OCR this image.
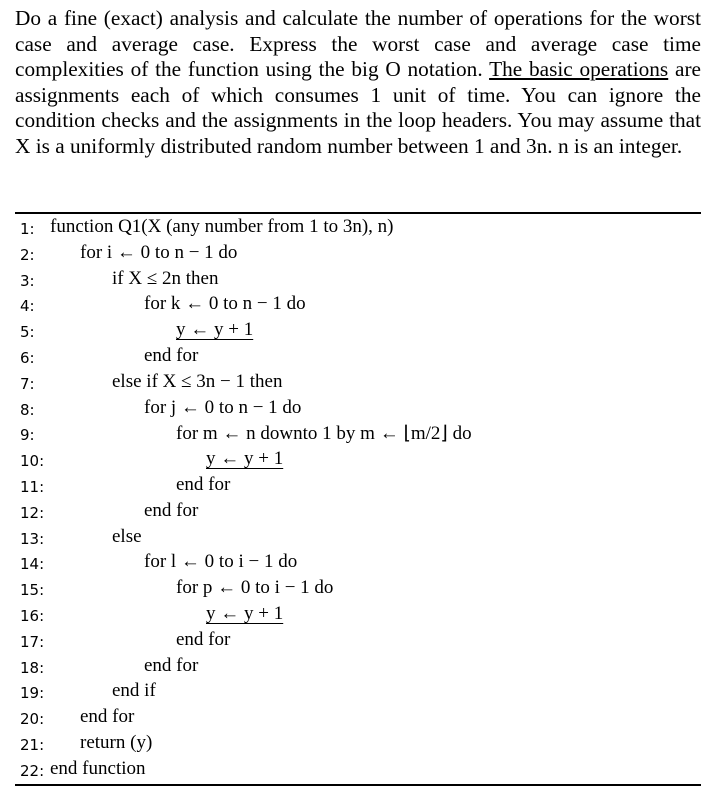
Do a fine (exact) analysis and calculate the number of operations for the worst case and average case. Express the worst case and average case time complexities of the function using the big O notation. The basic operations are assignments each of which consumes 1 unit of time. You can ignore the condition checks and the assignments in the loop headers. You may assume that X is a uniformly distributed random number between 1 and 3n. n is an integer.
1: function Q1(X (any number from 1 to 3n), n)
2: for i ← 0 to n − 1 do
3:	if X ≤ 2n then
4:	for k ← 0 to n − 1 do
5:	y ← y + 1
6:	end for
7:	else if X ≤ 3n − 1 then
8:	for j ← 0 to n − 1 do
9:	for m ← n downto 1 by m ← ⌊m/2⌋ do
10:	y ← y + 1
11:	end for
12:	end for
13:	else
14:	for l ← 0 to i − 1 do
15:	for p ← 0 to i − 1 do
16:	y ← y + 1
17:	end for
18:	end for
19:	end if
20: end for
21: return (y)
22: end function
